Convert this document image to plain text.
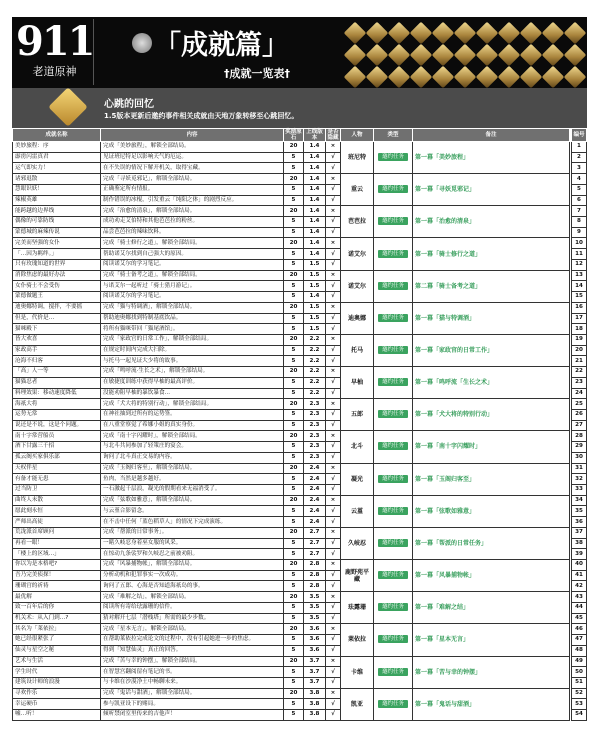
911
老道原神
「成就篇」
†成就一览表†
心跳的回忆
1.5版本更新后邀约事件相关成就由天地万象转移至心跳回忆。
成就名称	内容	奖励原石	上线版本	是否隐藏	人物	类型	备注		编号
美妙旅程：序	完成「美妙旅程」，解锁全部结局。	20	1.4	×	班尼特	邀约任务	第一幕「美妙旅程」		1
霹雳闪雷真君	见证班尼特足以影响天气的厄运。	5	1.4	√					2
运气即实力！	在不失误的情况下解开机关，取得宝藏。	5	1.4	√					3
诸邪退散	完成「寻妖觅邪记」，解锁全部结局。	20	1.4	×	重云	邀约任务	第一幕「寻妖觅邪记」		4
慧眼识妖！	正确鉴定所有情报。	5	1.4	√					5
辣椒英雄	制作错误的冰棍，引发重云「纯阳之体」的剧烈反应。	5	1.4	√					6
能跨越的边界线	完成「治愈的清泉」，解锁全部结局。	20	1.4	×	芭芭拉	邀约任务	第一幕「治愈的清泉」		7
偶像的可靠防线	成功劝走艾伯特和其他芭芭拉的粉丝。	5	1.4	√					8
蒙德城的麻辣传说	品尝芭芭拉的辣味饮料。	5	1.4	√					9
完美而坚强的女仆	完成「骑士修行之道」，解锁全部结局。	20	1.4	×	诺艾尔	邀约任务	第一幕「骑士修行之道」		10
「…因为羁绊。」	帮助诺艾尔找到自己强大的原因。	5	1.4	√					11
只有玫瑰知道的世界	阅读诺艾尔的学习笔记。	5	1.5	√					12
消除焦虑的最好办法	完成「骑士备考之道」，解锁全部结局。	20	1.5	×	诺艾尔	邀约任务	第二幕「骑士备考之道」		13
女仆骑士不会受伤	与诺艾尔一起听过「骑士猎月游记」。	5	1.5	√					14
蒙德做题王	阅读诺艾尔的学习笔记。	5	1.4	√					15
迪奥娜特调，搅拌，不要摇	完成「猫与特调酒」，解锁全部结局。	20	1.5	×	迪奥娜	邀约任务	第一幕「猫与特调酒」		16
但是，代价是…	帮助迪奥娜找到特制基底饮品。	5	1.5	√					17
猫咪殿下	将所有猫咪带回「猫尾酒馆」。	5	1.5	√					18
皆大欢喜	完成「家政官的日常工作」，解锁全部结局。	20	2.2	×	托马	邀约任务	第一幕「家政官的日常工作」		19
家政高手	在规定时间内完成大扫除。	5	2.2	√					20
沧海不归客	与托马一起见证大少将的故事。	5	2.2	√					21
「高」人一等	完成「鸣呼流·生长之术」，解锁全部结局。	20	2.2	×	早柚	邀约任务	第一幕「鸣呼流「生长之术」		22
猫猫忍者	在敏捷度训练中获得早柚的最高评价。	5	2.2	√					23
料理效果：移动速度降低	没能劝阻早柚的暴饮暴食…	5	2.2	√					24
海祇大将	完成「犬大将的特别行动」，解锁全部结局。	20	2.3	×	五郎	邀约任务	第一幕「犬大将的特别行动」		25
运势无常	在神社抽到过所有的运势签。	5	2.3	√					26
说还是不说，这是个问题。	在八重堂察觉了希娜小姐的真实身份。	5	2.3	√					27
南十字常营船员	完成「南十字闪耀时」，解锁全部结局。	20	2.3	×	北斗	邀约任务	第一幕「南十字闪耀时」		28
酒下甘露三千招	与北斗共同参加了轻策庄的宴会。	5	2.3	√					29
孤云阁买家俱乐部	询问了北斗真正交易的内容。	5	2.3	√					30
天权伴星	完成「玉阁归客至」，解锁全部结局。	20	2.4	×	凝光	邀约任务	第一幕「玉阁归客至」		31
有备才能无患	鱼肉，当然是越多越好。	5	2.4	√					32
过当防卫	一石激起千层浪，凝光的假期看来无福消受了。	5	2.4	√					33
曲终人未散	完成「弦歌如雅意」，解锁全部结局。	20	2.4	×	云堇	邀约任务	第一幕「弦歌如雅意」		34
愿此刻永恒	与云堇合影留念。	5	2.4	√					35
严师出高徒	在不击中任何「蓝色稻草人」的情况下完成演练。	5	2.4	√					36
荒泷派首席顾问	完成「帮派的日常事务」。	20	2.7	×	久岐忍	邀约任务	第一幕「帮派的日常任务」		37
再看一眼！	一睹久岐忍身着巫女服的风采。	5	2.7	√					38
「楼上的区域…」	在惊动九条裟罗和久岐忍之前被劝阻。	5	2.7	√					39
你以为是本格吧?	完成「风暴捕物帐」，解锁全部结局。	20	2.8	×	鹿野苑平藏	邀约任务	第一幕「风暴捕物帐」		40
吾乃完美侦探！	分析动机和犯罪事实一次成功。	5	2.8	√					41
珊瑚宫的祈祷	询问了五郎、心海是否知道海祇岛的事。	5	2.8	√					42
最优解	完成「难解之结」，解锁全部结局。	20	3.5	×	珐露珊	邀约任务	第一幕「难解之结」		43
致一百年后的你	阅读所有寄给珐露珊的信件。	5	3.5	√					44
机关术：从入门到…?	猜对解开七层「潜栈塔」所需的最少步数。	5	3.5	√					45
其名为「莱依拉」	完成「星本无言」，解锁全部结局。	20	3.6	×	莱依拉	邀约任务	第一幕「星本无言」		46
她已经很紧张了	在帮助莱依拉完成论文的过程中，没有引起她进一步的焦虑。	5	3.6	√					47
仙灵与星空之秘	得到「知慧仙灵」真正的回答。	5	3.6	√					48
艺术与生活	完成「苦与幸的钟摆」，解锁全部结局。	20	3.7	×	卡维	邀约任务	第一幕「苦与幸的钟摆」		49
学生时代	在智慧宫翻阅留有笔记的书。	5	3.7	√					50
建筑设计师的浪漫	与卡维在沙漠净土中畅聊未来。	5	3.7	√					51
寻欢作乐	完成「鬼话与甜酒」，解锁全部结局。	20	3.8	×	凯亚	邀约任务	第一幕「鬼话与甜酒」		52
幸运硬币	参与凯亚设下的赌局。	5	3.8	√					53
嘘…听！	倾听禁闭室里传来的吉他声！	5	3.8	√					54
